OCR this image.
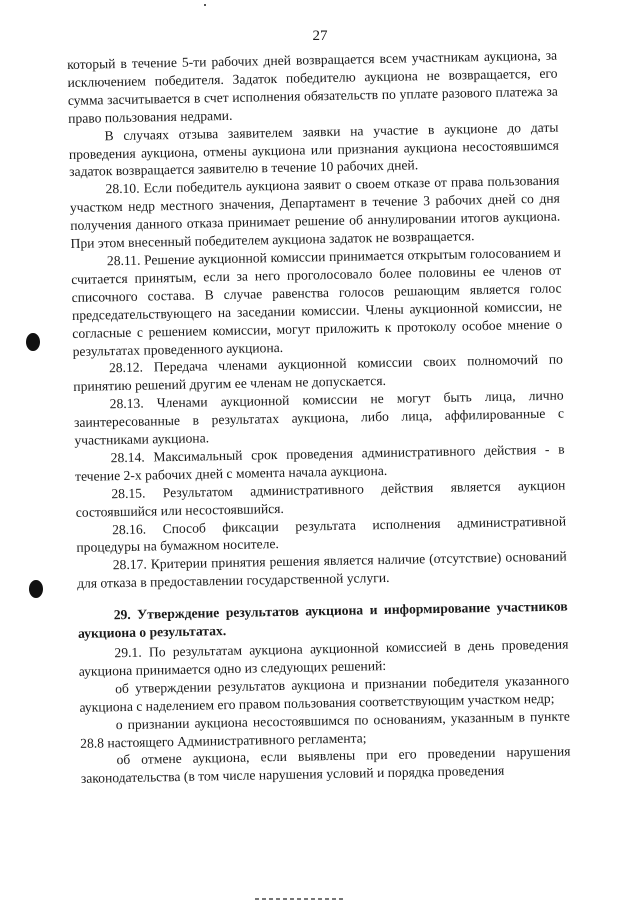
27

который в течение 5-ти рабочих дней возвращается всем участникам аукциона, за исключением победителя. Задаток победителю аукциона не возвращается, его сумма засчитывается в счет исполнения обязательств по уплате разового платежа за право пользования недрами.

В случаях отзыва заявителем заявки на участие в аукционе до даты проведения аукциона, отмены аукциона или признания аукциона несостоявшимся задаток возвращается заявителю в течение 10 рабочих дней.

28.10. Если победитель аукциона заявит о своем отказе от права пользования участком недр местного значения, Департамент в течение 3 рабочих дней со дня получения данного отказа принимает решение об аннулировании итогов аукциона. При этом внесенный победителем аукциона задаток не возвращается.

28.11. Решение аукционной комиссии принимается открытым голосованием и считается принятым, если за него проголосовало более половины ее членов от списочного состава. В случае равенства голосов решающим является голос председательствующего на заседании комиссии. Члены аукционной комиссии, не согласные с решением комиссии, могут приложить к протоколу особое мнение о результатах проведенного аукциона.

28.12. Передача членами аукционной комиссии своих полномочий по принятию решений другим ее членам не допускается.

28.13. Членами аукционной комиссии не могут быть лица, лично заинтересованные в результатах аукциона, либо лица, аффилированные с участниками аукциона.

28.14. Максимальный срок проведения административного действия - в течение 2-х рабочих дней с момента начала аукциона.

28.15. Результатом административного действия является аукцион состоявшийся или несостоявшийся.

28.16. Способ фиксации результата исполнения административной процедуры на бумажном носителе.

28.17. Критерии принятия решения является наличие (отсутствие) оснований для отказа в предоставлении государственной услуги.

29. Утверждение результатов аукциона и информирование участников аукциона о результатах.

29.1. По результатам аукциона аукционной комиссией в день проведения аукциона принимается одно из следующих решений:

об утверждении результатов аукциона и признании победителя указанного аукциона с наделением его правом пользования соответствующим участком недр;

о признании аукциона несостоявшимся по основаниям, указанным в пункте 28.8 настоящего Административного регламента;

об отмене аукциона, если выявлены при его проведении нарушения законодательства (в том числе нарушения условий и порядка проведения
